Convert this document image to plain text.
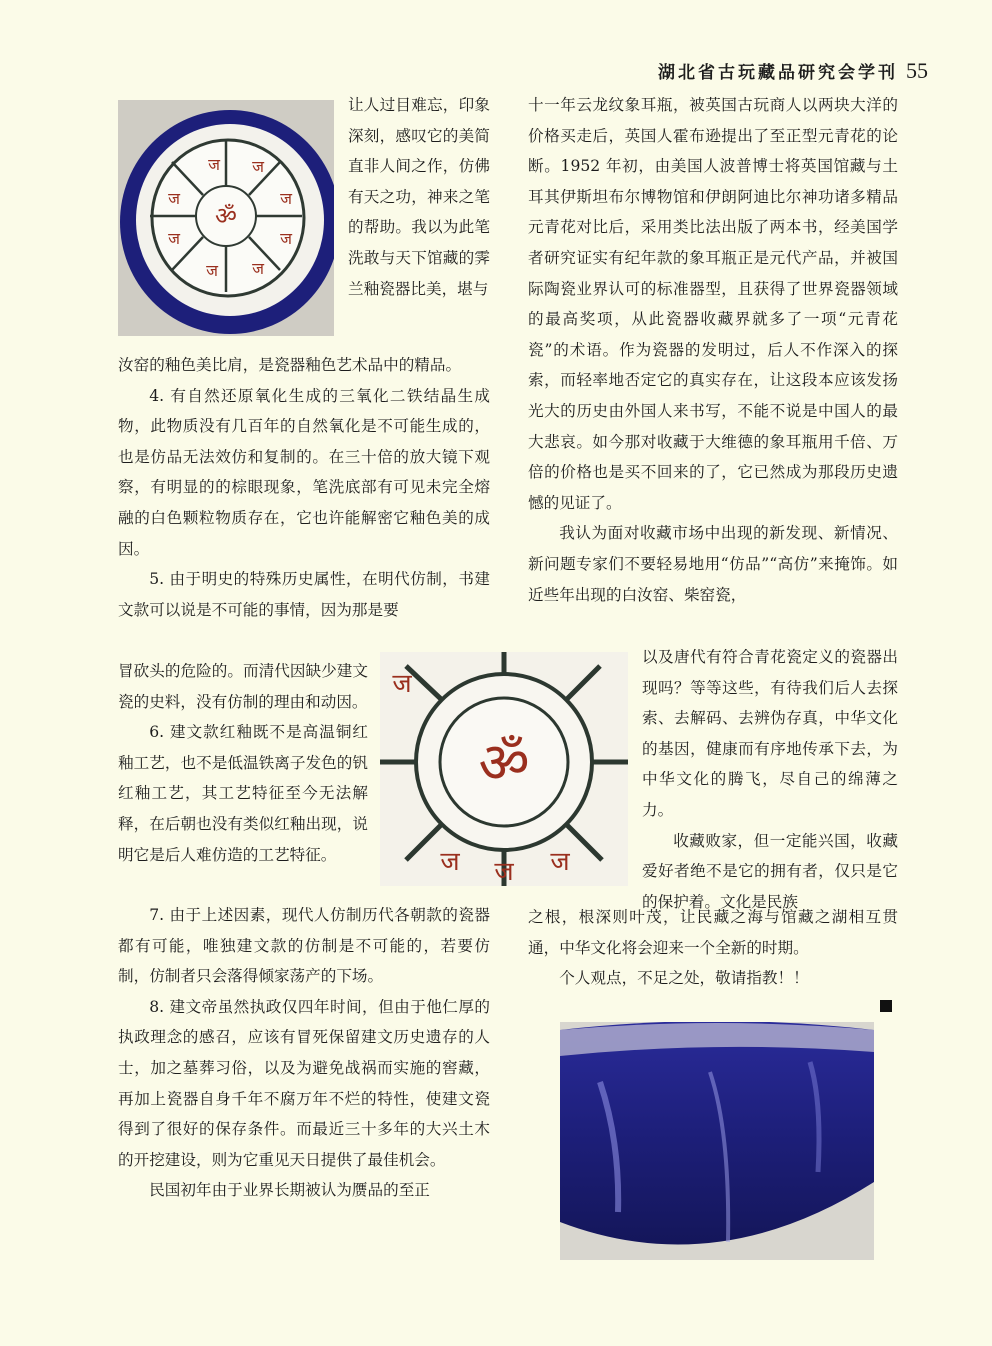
湖北省古玩藏品研究会学刊 55
ज ज
ज
ज
ज
ज
ज
ज
ॐ
ॐ
ज ज ज
ज

让人过目难忘，印象深刻，感叹它的美简直非人间之作，仿佛有天之功，神来之笔的帮助。我以为此笔洗敢与天下馆藏的霁兰釉瓷器比美，堪与

汝窑的釉色美比肩，是瓷器釉色艺术品中的精品。

4. 有自然还原氧化生成的三氧化二铁结晶生成物，此物质没有几百年的自然氧化是不可能生成的，也是仿品无法效仿和复制的。在三十倍的放大镜下观察，有明显的的棕眼现象，笔洗底部有可见未完全熔融的白色颗粒物质存在，它也许能解密它釉色美的成因。

5. 由于明史的特殊历史属性，在明代仿制，书建文款可以说是不可能的事情，因为那是要

冒砍头的危险的。而清代因缺少建文瓷的史料，没有仿制的理由和动因。

6. 建文款红釉既不是高温铜红釉工艺，也不是低温铁离子发色的钒红釉工艺，其工艺特征至今无法解释，在后朝也没有类似红釉出现，说明它是后人难仿造的工艺特征。

7. 由于上述因素，现代人仿制历代各朝款的瓷器都有可能，唯独建文款的仿制是不可能的，若要仿制，仿制者只会落得倾家荡产的下场。

8. 建文帝虽然执政仅四年时间，但由于他仁厚的执政理念的感召，应该有冒死保留建文历史遗存的人士，加之墓葬习俗，以及为避免战祸而实施的窖藏，再加上瓷器自身千年不腐万年不烂的特性，使建文瓷得到了很好的保存条件。而最近三十多年的大兴土木的开挖建设，则为它重见天日提供了最佳机会。

民国初年由于业界长期被认为赝品的至正

十一年云龙纹象耳瓶，被英国古玩商人以两块大洋的价格买走后，英国人霍布逊提出了至正型元青花的论断。1952 年初，由美国人波普博士将英国馆藏与土耳其伊斯坦布尔博物馆和伊朗阿迪比尔神功诸多精品元青花对比后，采用类比法出版了两本书，经美国学者研究证实有纪年款的象耳瓶正是元代产品，并被国际陶瓷业界认可的标准器型，且获得了世界瓷器领域的最高奖项，从此瓷器收藏界就多了一项“元青花瓷”的术语。作为瓷器的发明过，后人不作深入的探索，而轻率地否定它的真实存在，让这段本应该发扬光大的历史由外国人来书写，不能不说是中国人的最大悲哀。如今那对收藏于大维德的象耳瓶用千倍、万倍的价格也是买不回来的了，它已然成为那段历史遗憾的见证了。

我认为面对收藏市场中出现的新发现、新情况、新问题专家们不要轻易地用“仿品”“高仿”来掩饰。如近些年出现的白汝窑、柴窑瓷，

以及唐代有符合青花瓷定义的瓷器出现吗？等等这些，有待我们后人去探索、去解码、去辨伪存真，中华文化的基因，健康而有序地传承下去，为中华文化的腾飞，尽自己的绵薄之力。

收藏败家，但一定能兴国，收藏爱好者绝不是它的拥有者，仅只是它的保护着。文化是民族

之根，根深则叶茂，让民藏之海与馆藏之湖相互贯通，中华文化将会迎来一个全新的时期。

个人观点，不足之处，敬请指教！！
